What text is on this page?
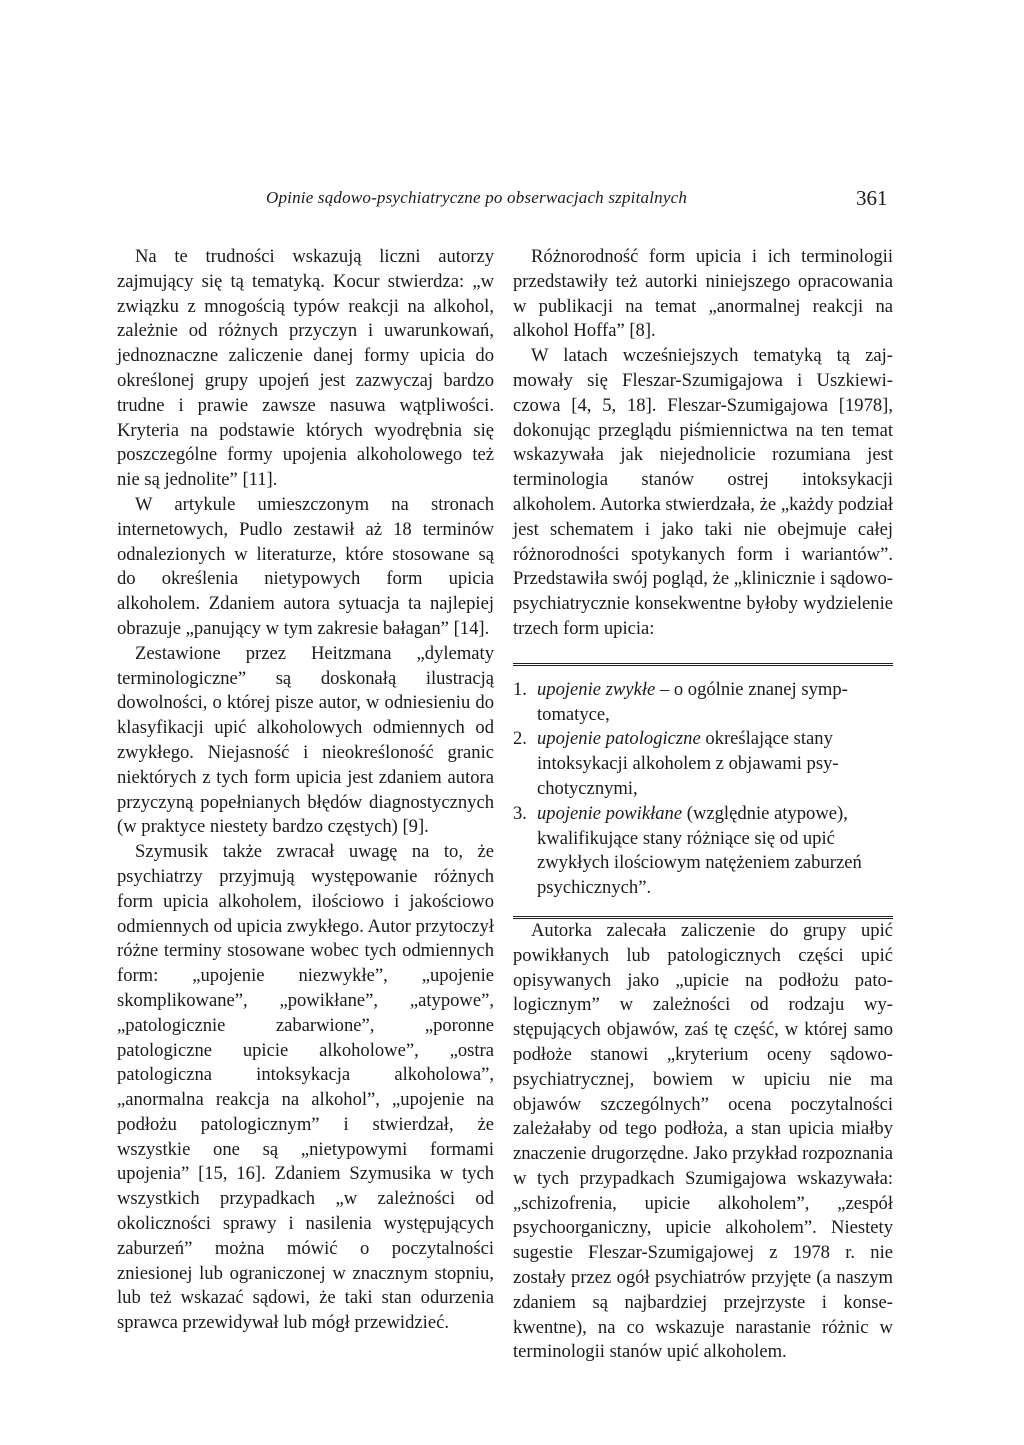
Opinie sądowo-psychiatryczne po obserwacjach szpitalnych	361

Na te trudności wskazują liczni autorzy zajmujący się tą tematyką. Kocur stwierdza: „w związku z mnogością typów reakcji na alkohol, zależnie od różnych przyczyn i uwarunkowań, jednoznaczne zaliczenie danej formy upicia do określonej grupy upojeń jest zazwyczaj bardzo trudne i prawie zawsze nasuwa wątpliwości. Kryteria na podstawie których wyodrębnia się poszczególne formy upojenia alkoholowego też nie są jednolite” [11].

W artykule umieszczonym na stronach internetowych, Pudlo zestawił aż 18 terminów odnalezionych w literaturze, które stosowane są do określenia nietypowych form upicia alkoholem. Zdaniem autora sytuacja ta najlepiej obrazuje „panujący w tym zakresie bałagan” [14].

Zestawione przez Heitzmana „dylematy terminologiczne” są doskonałą ilustracją dowolności, o której pisze autor, w odniesieniu do klasyfikacji upić alkoholowych odmiennych od zwykłego. Niejasność i nieokreśloność granic niektórych z tych form upicia jest zdaniem autora przyczyną popełnianych błędów diagnostycznych (w praktyce niestety bardzo częstych) [9].

Szymusik także zwracał uwagę na to, że psychiatrzy przyjmują występowanie różnych form upicia alkoholem, ilościowo i jakościowo odmiennych od upicia zwykłego. Autor przytoczył różne terminy stosowane wobec tych odmiennych form: „upojenie niezwykłe”, „upojenie skomplikowane”, „powikłane”, „atypowe”, „patologicznie zabarwione”, „poronne patologiczne upicie alkoholowe”, „ostra patologiczna intoksykacja alkoholowa”, „anormalna reakcja na alkohol”, „upojenie na podłożu patologicznym” i stwierdzał, że wszystkie one są „nietypowymi formami upojenia” [15, 16]. Zdaniem Szymusika w tych wszystkich przypadkach „w zależności od okoliczności sprawy i nasilenia występujących zaburzeń” można mówić o poczytalności zniesionej lub ograniczonej w znacznym stopniu, lub też wskazać sądowi, że taki stan odurzenia sprawca przewidywał lub mógł przewidzieć.

Różnorodność form upicia i ich terminologii przedstawiły też autorki niniejszego opracowania w publikacji na temat „anormalnej reakcji na alkohol Hoffa” [8].

W latach wcześniejszych tematyką tą zajmowały się Fleszar-Szumigajowa i Uszkiewiczowa [4, 5, 18]. Fleszar-Szumigajowa [1978], dokonując przeglądu piśmiennictwa na ten temat wskazywała jak niejednolicie rozumiana jest terminologia stanów ostrej intoksykacji alkoholem. Autorka stwierdzała, że „każdy podział jest schematem i jako taki nie obejmuje całej różnorodności spotykanych form i wariantów”. Przedstawiła swój pogląd, że „klinicznie i sądowo-psychiatrycznie konsekwentne byłoby wydzielenie trzech form upicia:

1. upojenie zwykłe – o ogólnie znanej symptomatyce,
2. upojenie patologiczne określające stany intoksykacji alkoholem z objawami psychotycznymi,
3. upojenie powikłane (względnie atypowe), kwalifikujące stany różniące się od upić zwykłych ilościowym natężeniem zaburzeń psychicznych”.

Autorka zalecała zaliczenie do grupy upić powikłanych lub patologicznych części upić opisywanych jako „upicie na podłożu patologicznym” w zależności od rodzaju występujących objawów, zaś tę część, w której samo podłoże stanowi „kryterium oceny sądowo-psychiatrycznej, bowiem w upiciu nie ma objawów szczególnych” ocena poczytalności zależałaby od tego podłoża, a stan upicia miałby znaczenie drugorzędne. Jako przykład rozpoznania w tych przypadkach Szumigajowa wskazywała: „schizofrenia, upicie alkoholem”, „zespół psychoorganiczny, upicie alkoholem”. Niestety sugestie Fleszar-Szumigajowej z 1978 r. nie zostały przez ogół psychiatrów przyjęte (a naszym zdaniem są najbardziej przejrzyste i konsekwentne), na co wskazuje narastanie różnic w terminologii stanów upić alkoholem.
